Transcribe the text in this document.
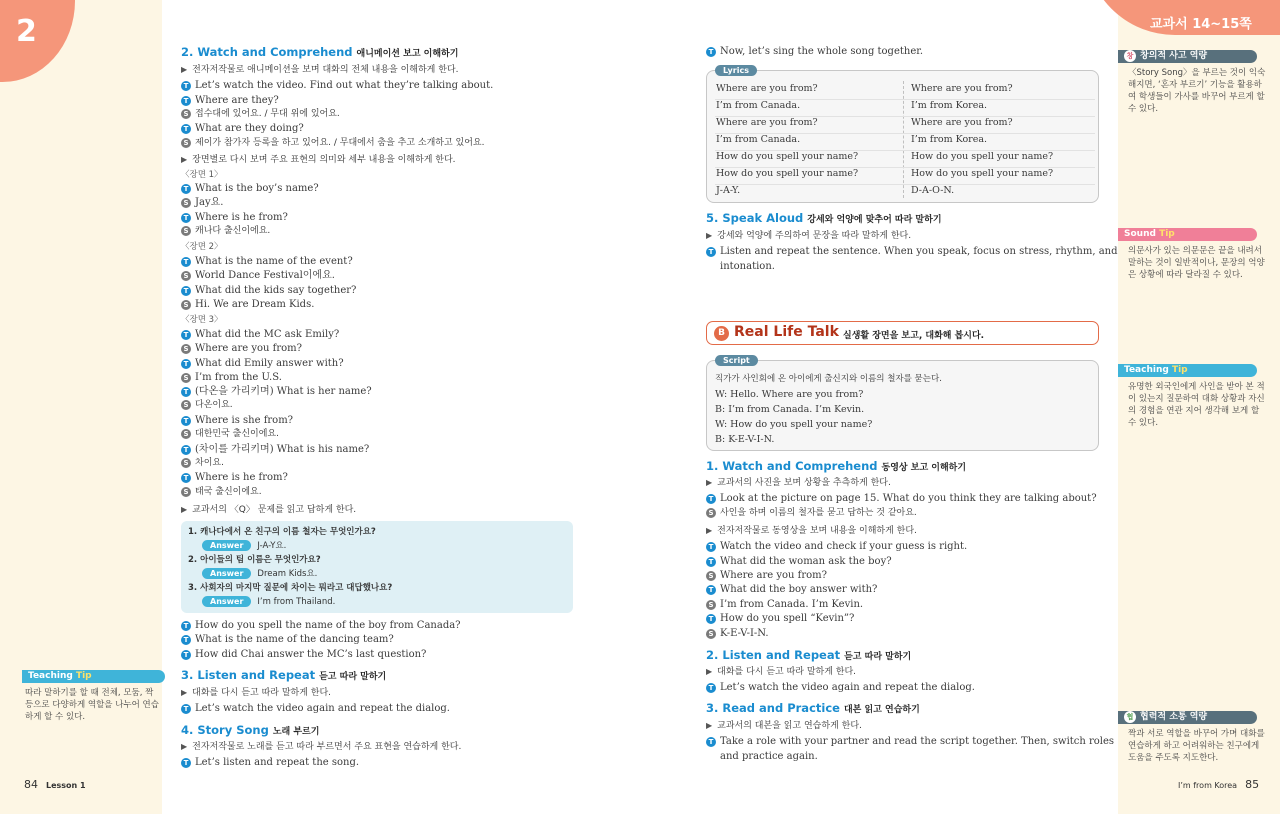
2	교과서 14~15쪽
2. Watch and Comprehend 애니메이션 보고 이해하기
▶ 전자저작물로 애니메이션을 보며 대화의 전체 내용을 이해하게 한다.
T Let’s watch the video. Find out what they’re talking about.
T Where are they?
S 접수대에 있어요. / 무대 위에 있어요.
T What are they doing?
S 제이가 참가자 등록을 하고 있어요. / 무대에서 춤을 추고 소개하고 있어요.
▶ 장면별로 다시 보며 주요 표현의 의미와 세부 내용을 이해하게 한다.
〈장면 1〉
T What is the boy’s name?
S Jay요.
T Where is he from?
S 캐나다 출신이에요.
〈장면 2〉
T What is the name of the event?
S World Dance Festival이에요.
T What did the kids say together?
S Hi. We are Dream Kids.
〈장면 3〉
T What did the MC ask Emily?
S Where are you from?
T What did Emily answer with?
S I’m from the U.S.
T (다온을 가리키며) What is her name?
S 다온이요.
T Where is she from?
S 대한민국 출신이에요.
T (차이를 가리키며) What is his name?
S 차이요.
T Where is he from?
S 태국 출신이에요.
▶ 교과서의 〈Q〉 문제를 읽고 답하게 한다.
1. 캐나다에서 온 친구의 이름 철자는 무엇인가요?
Answer J-A-Y요.
2. 아이들의 팀 이름은 무엇인가요?
Answer Dream Kids요.
3. 사회자의 마지막 질문에 차이는 뭐라고 대답했나요?
Answer I’m from Thailand.
T How do you spell the name of the boy from Canada?
T What is the name of the dancing team?
T How did Chai answer the MC’s last question?
3. Listen and Repeat 듣고 따라 말하기
▶ 대화를 다시 듣고 따라 말하게 한다.
T Let’s watch the video again and repeat the dialog.
4. Story Song 노래 부르기
▶ 전자저작물로 노래를 듣고 따라 부르면서 주요 표현을 연습하게 한다.
T Let’s listen and repeat the song.
T Now, let’s sing the whole song together.
Lyrics
Where are you from?
I’m from Canada.
Where are you from?
I’m from Canada.
How do you spell your name?
How do you spell your name?
J-A-Y.
Where are you from?
I’m from Korea.
Where are you from?
I’m from Korea.
How do you spell your name?
How do you spell your name?
D-A-O-N.
5. Speak Aloud 강세와 억양에 맞추어 따라 말하기
▶ 강세와 억양에 주의하여 문장을 따라 말하게 한다.
T Listen and repeat the sentence. When you speak, focus on stress, rhythm, and
intonation.
B Real Life Talk 실생활 장면을 보고, 대화해 봅시다.
Script
직가가 사인회에 온 아이에게 출신지와 이름의 철자를 묻는다.
W: Hello. Where are you from?
B: I’m from Canada. I’m Kevin.
W: How do you spell your name?
B: K-E-V-I-N.
1. Watch and Comprehend 동영상 보고 이해하기
▶ 교과서의 사진을 보며 상황을 추측하게 한다.
T Look at the picture on page 15. What do you think they are talking about?
S 사인을 하며 이름의 철자를 묻고 답하는 것 같아요.
▶ 전자저작물로 동영상을 보며 내용을 이해하게 한다.
T Watch the video and check if your guess is right.
T What did the woman ask the boy?
S Where are you from?
T What did the boy answer with?
S I’m from Canada. I’m Kevin.
T How do you spell “Kevin”?
S K-E-V-I-N.
2. Listen and Repeat 듣고 따라 말하기
▶ 대화를 다시 듣고 따라 말하게 한다.
T Let’s watch the video again and repeat the dialog.
3. Read and Practice 대본 읽고 연습하기
▶ 교과서의 대본을 읽고 연습하게 한다.
T Take a role with your partner and read the script together. Then, switch roles
and practice again.
창 창의적 사고 역량
〈Story Song〉을 부르는 것이 익숙
해지면, ‘혼자 부르기’ 기능을 활용하
여 학생들이 가사를 바꾸어 부르게 할
수 있다.
Sound Tip
의문사가 있는 의문문은 끝을 내려서
말하는 것이 일반적이나, 문장의 억양
은 상황에 따라 달라질 수 있다.
Teaching Tip
유명한 외국인에게 사인을 받아 본 적
이 있는지 질문하여 대화 상황과 자신
의 경험을 연관 지어 생각해 보게 할
수 있다.
협 협력적 소통 역량
짝과 서로 역할을 바꾸어 가며 대화를
연습하게 하고 어려워하는 친구에게
도움을 주도록 지도한다.
Teaching Tip
따라 말하기를 할 때 전체, 모둠, 짝
등으로 다양하게 역할을 나누어 연습
하게 할 수 있다.
84 Lesson 1	I’m from Korea 85
